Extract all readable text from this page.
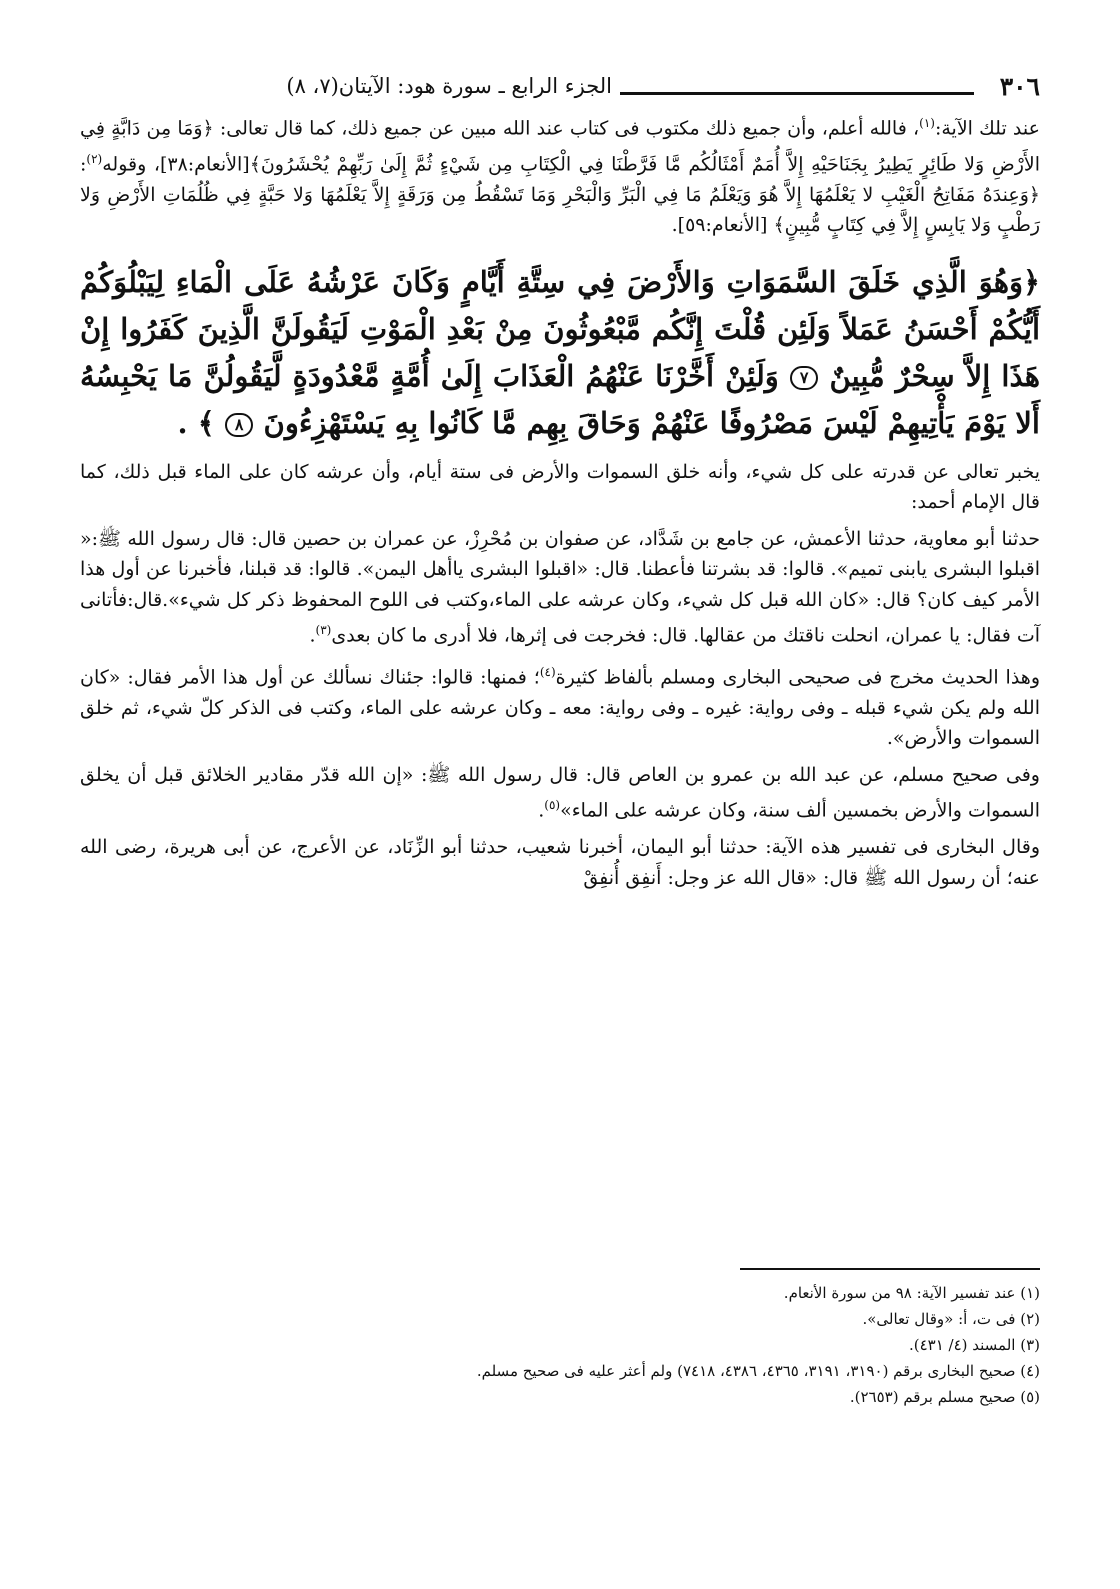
٣٠٦
الجزء الرابع ـ سورة هود: الآيتان(٧، ٨)

عند تلك الآية:$^{(١)}$، فالله أعلم، وأن جميع ذلك مكتوب فى كتاب عند الله مبين عن جميع ذلك، كما قال تعالى: ﴿وَمَا مِن دَابَّةٍ فِي الأَرْضِ وَلا طَائِرٍ يَطِيرُ بِجَنَاحَيْهِ إِلاَّ أُمَمٌ أَمْثَالُكُم مَّا فَرَّطْنَا فِي الْكِتَابِ مِن شَيْءٍ ثُمَّ إِلَىٰ رَبِّهِمْ يُحْشَرُونَ﴾[الأنعام:٣٨]، وقوله$^{(٢)}$: ﴿وَعِندَهُ مَفَاتِحُ الْغَيْبِ لا يَعْلَمُهَا إِلاَّ هُوَ وَيَعْلَمُ مَا فِي الْبَرِّ وَالْبَحْرِ وَمَا تَسْقُطُ مِن وَرَقَةٍ إِلاَّ يَعْلَمُهَا وَلا حَبَّةٍ فِي ظُلُمَاتِ الأَرْضِ وَلا رَطْبٍ وَلا يَابِسٍ إِلاَّ فِي كِتَابٍ مُّبِينٍ﴾ [الأنعام:٥٩].

﴿وَهُوَ الَّذِي خَلَقَ السَّمَوَاتِ وَالأَرْضَ فِي سِتَّةِ أَيَّامٍ وَكَانَ عَرْشُهُ عَلَى الْمَاءِ لِيَبْلُوَكُمْ أَيُّكُمْ أَحْسَنُ عَمَلاً وَلَئِن قُلْتَ إِنَّكُم مَّبْعُوثُونَ مِنْ بَعْدِ الْمَوْتِ لَيَقُولَنَّ الَّذِينَ كَفَرُوا إِنْ هَذَا إِلاَّ سِحْرٌ مُّبِينٌ ٧ وَلَئِنْ أَخَّرْنَا عَنْهُمُ الْعَذَابَ إِلَىٰ أُمَّةٍ مَّعْدُودَةٍ لَّيَقُولُنَّ مَا يَحْبِسُهُ أَلا يَوْمَ يَأْتِيهِمْ لَيْسَ مَصْرُوفًا عَنْهُمْ وَحَاقَ بِهِم مَّا كَانُوا بِهِ يَسْتَهْزِءُونَ ٨ ﴾ .

يخبر تعالى عن قدرته على كل شيء، وأنه خلق السموات والأرض فى ستة أيام، وأن عرشه كان على الماء قبل ذلك، كما قال الإمام أحمد:

حدثنا أبو معاوية، حدثنا الأعمش، عن جامع بن شَدَّاد، عن صفوان بن مُحْرِزْ، عن عمران بن حصين قال: قال رسول الله ﷺ:« اقبلوا البشرى يابنى تميم». قالوا: قد بشرتنا فأعطنا. قال: «اقبلوا البشرى ياأهل اليمن». قالوا: قد قبلنا، فأخبرنا عن أول هذا الأمر كيف كان؟ قال: «كان الله قبل كل شيء، وكان عرشه على الماء،وكتب فى اللوح المحفوظ ذكر كل شيء».قال:فأتانى آت فقال: يا عمران، انحلت ناقتك من عقالها. قال: فخرجت فى إثرها، فلا أدرى ما كان بعدى$^{(٣)}$.

وهذا الحديث مخرج فى صحيحى البخارى ومسلم بألفاظ كثيرة$^{(٤)}$؛ فمنها: قالوا: جئناك نسألك عن أول هذا الأمر فقال: «كان الله ولم يكن شيء قبله ـ وفى رواية: غيره ـ وفى رواية: معه ـ وكان عرشه على الماء، وكتب فى الذكر كلّ شيء، ثم خلق السموات والأرض».

وفى صحيح مسلم، عن عبد الله بن عمرو بن العاص قال: قال رسول الله ﷺ: «إن الله قدّر مقادير الخلائق قبل أن يخلق السموات والأرض بخمسين ألف سنة، وكان عرشه على الماء»$^{(٥)}$.

وقال البخارى فى تفسير هذه الآية: حدثنا أبو اليمان، أخبرنا شعيب، حدثنا أبو الزِّنَاد، عن الأعرج، عن أبى هريرة، رضى الله عنه؛ أن رسول الله ﷺ قال: «قال الله عز وجل: أَنفِق أُنفِقْ

(١) عند تفسير الآية: ٩٨ من سورة الأنعام.

(٢) فى ت، أ: «وقال تعالى».

(٣) المسند (٤/ ٤٣١).

(٤) صحيح البخارى برقم (٣١٩٠، ٣١٩١، ٤٣٦٥، ٤٣٨٦، ٧٤١٨) ولم أعثر عليه فى صحيح مسلم.

(٥) صحيح مسلم برقم (٢٦٥٣).
